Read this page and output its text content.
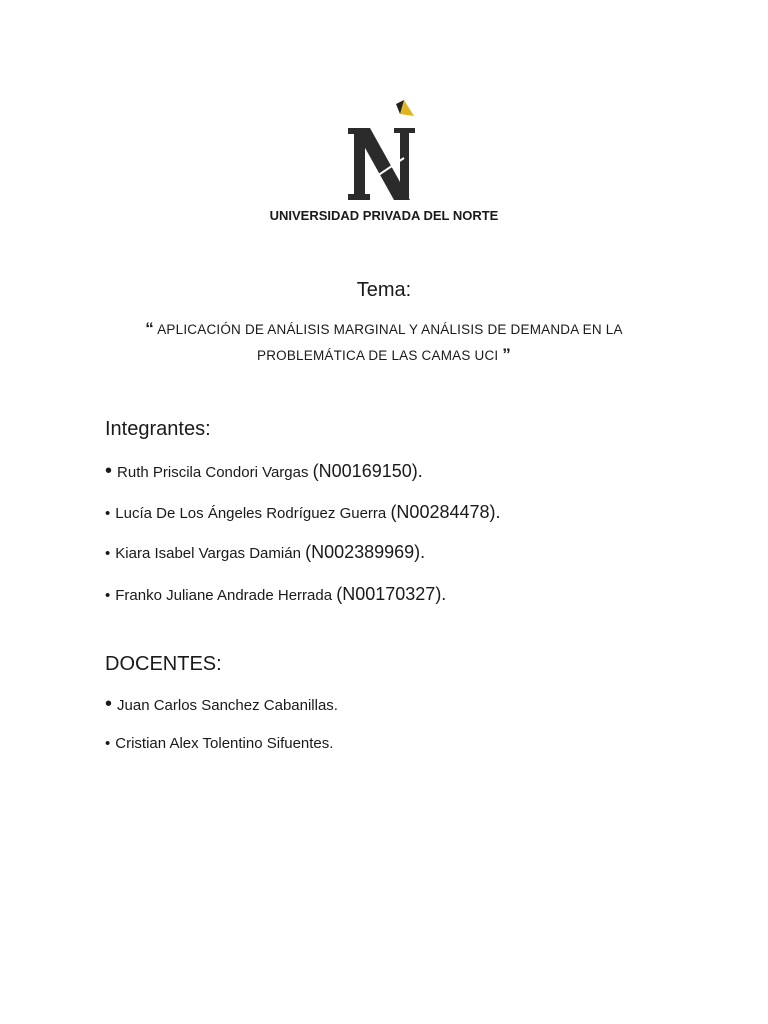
UNIVERSIDAD PRIVADA DEL NORTE
Tema:
“ APLICACIÓN DE ANÁLISIS MARGINAL Y ANÁLISIS DE DEMANDA EN LA
PROBLEMÁTICA DE LAS CAMAS UCI ”
Integrantes:
• Ruth Priscila Condori Vargas (N00169150).
• Lucía De Los Ángeles Rodríguez Guerra (N00284478).
• Kiara Isabel Vargas Damián (N002389969).
• Franko Juliane Andrade Herrada (N00170327).
DOCENTES:
• Juan Carlos Sanchez Cabanillas.
• Cristian Alex Tolentino Sifuentes.
